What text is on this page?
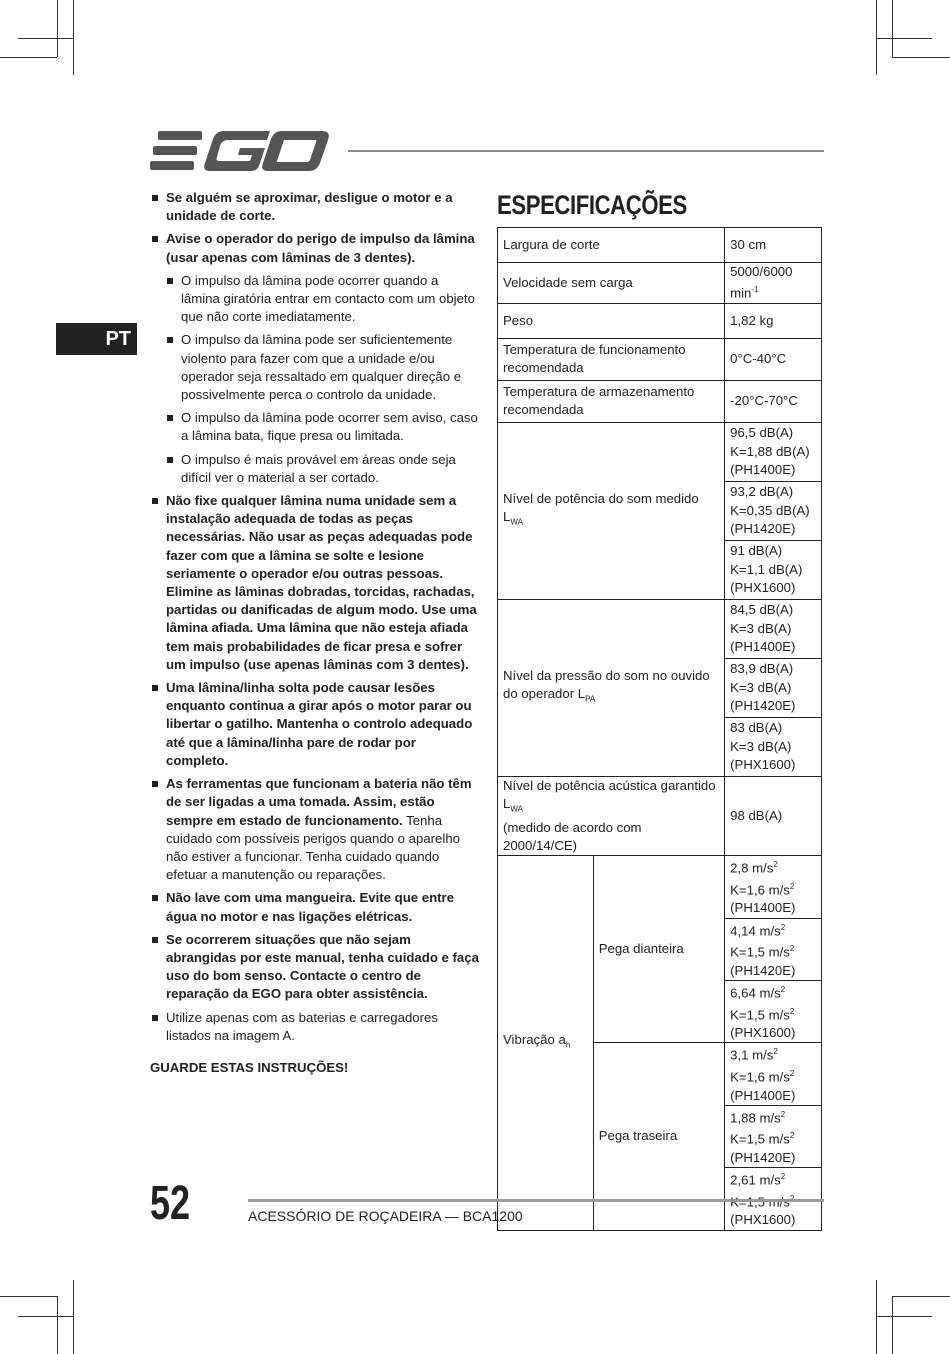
PT
Se alguém se aproximar, desligue o motor e a unidade de corte.
Avise o operador do perigo de impulso da lâmina (usar apenas com lâminas de 3 dentes).
O impulso da lâmina pode ocorrer quando a lâmina giratória entrar em contacto com um objeto que não corte imediatamente.
O impulso da lâmina pode ser suficientemente violento para fazer com que a unidade e/ou operador seja ressaltado em qualquer direção e possivelmente perca o controlo da unidade.
O impulso da lâmina pode ocorrer sem aviso, caso a lâmina bata, fique presa ou limitada.
O impulso é mais provável em áreas onde seja difícil ver o material a ser cortado.
Não fixe qualquer lâmina numa unidade sem a instalação adequada de todas as peças necessárias. Não usar as peças adequadas pode fazer com que a lâmina se solte e lesione seriamente o operador e/ou outras pessoas. Elimine as lâminas dobradas, torcidas, rachadas, partidas ou danificadas de algum modo. Use uma lâmina afiada. Uma lâmina que não esteja afiada tem mais probabilidades de ficar presa e sofrer um impulso (use apenas lâminas com 3 dentes).
Uma lâmina/linha solta pode causar lesões enquanto continua a girar após o motor parar ou libertar o gatilho. Mantenha o controlo adequado até que a lâmina/linha pare de rodar por completo.
As ferramentas que funcionam a bateria não têm de ser ligadas a uma tomada. Assim, estão sempre em estado de funcionamento. Tenha cuidado com possíveis perigos quando o aparelho não estiver a funcionar. Tenha cuidado quando efetuar a manutenção ou reparações.
Não lave com uma mangueira. Evite que entre água no motor e nas ligações elétricas.
Se ocorrerem situações que não sejam abrangidas por este manual, tenha cuidado e faça uso do bom senso. Contacte o centro de reparação da EGO para obter assistência.
Utilize apenas com as baterias e carregadores listados na imagem A.
GUARDE ESTAS INSTRUÇÕES!
ESPECIFICAÇÕES
Largura de corte		30 cm
Velocidade sem carga		5000/6000 $\min^{-1}$
Peso		1,82 kg
Temperatura de funcionamento recomendada		0°C-40°C
Temperatura de armazenamento recomendada		-20°C-70°C
Nível de potência do som medido $L_{WA}$		96,5 dB(A)
K=1,88 dB(A)
(PH1400E)
		93,2 dB(A)
K=0,35 dB(A)
(PH1420E)
		91 dB(A)
K=1,1 dB(A)
(PHX1600)
Nível da pressão do som no ouvido do operador $L_{PA}$		84,5 dB(A)
K=3 dB(A)
(PH1400E)
		83,9 dB(A)
K=3 dB(A)
(PH1420E)
		83 dB(A)
K=3 dB(A)
(PHX1600)
Nível de potência acústica garantido $L_{WA}$
(medido de acordo com 2000/14/CE)		98 dB(A)
Vibração $a_h$	Pega dianteira	2,8 $m/s^2$
K=1,6 $m/s^2$
(PH1400E)
		4,14 $m/s^2$
K=1,5 $m/s^2$
(PH1420E)
		6,64 $m/s^2$
K=1,5 $m/s^2$
(PHX1600)
	Pega traseira	3,1 $m/s^2$
K=1,6 $m/s^2$
(PH1400E)
		1,88 $m/s^2$
K=1,5 $m/s^2$
(PH1420E)
		2,61 $m/s^2$

(PHX1600)
52	ACESSÓRIO DE ROÇADEIRA — BCA1200
